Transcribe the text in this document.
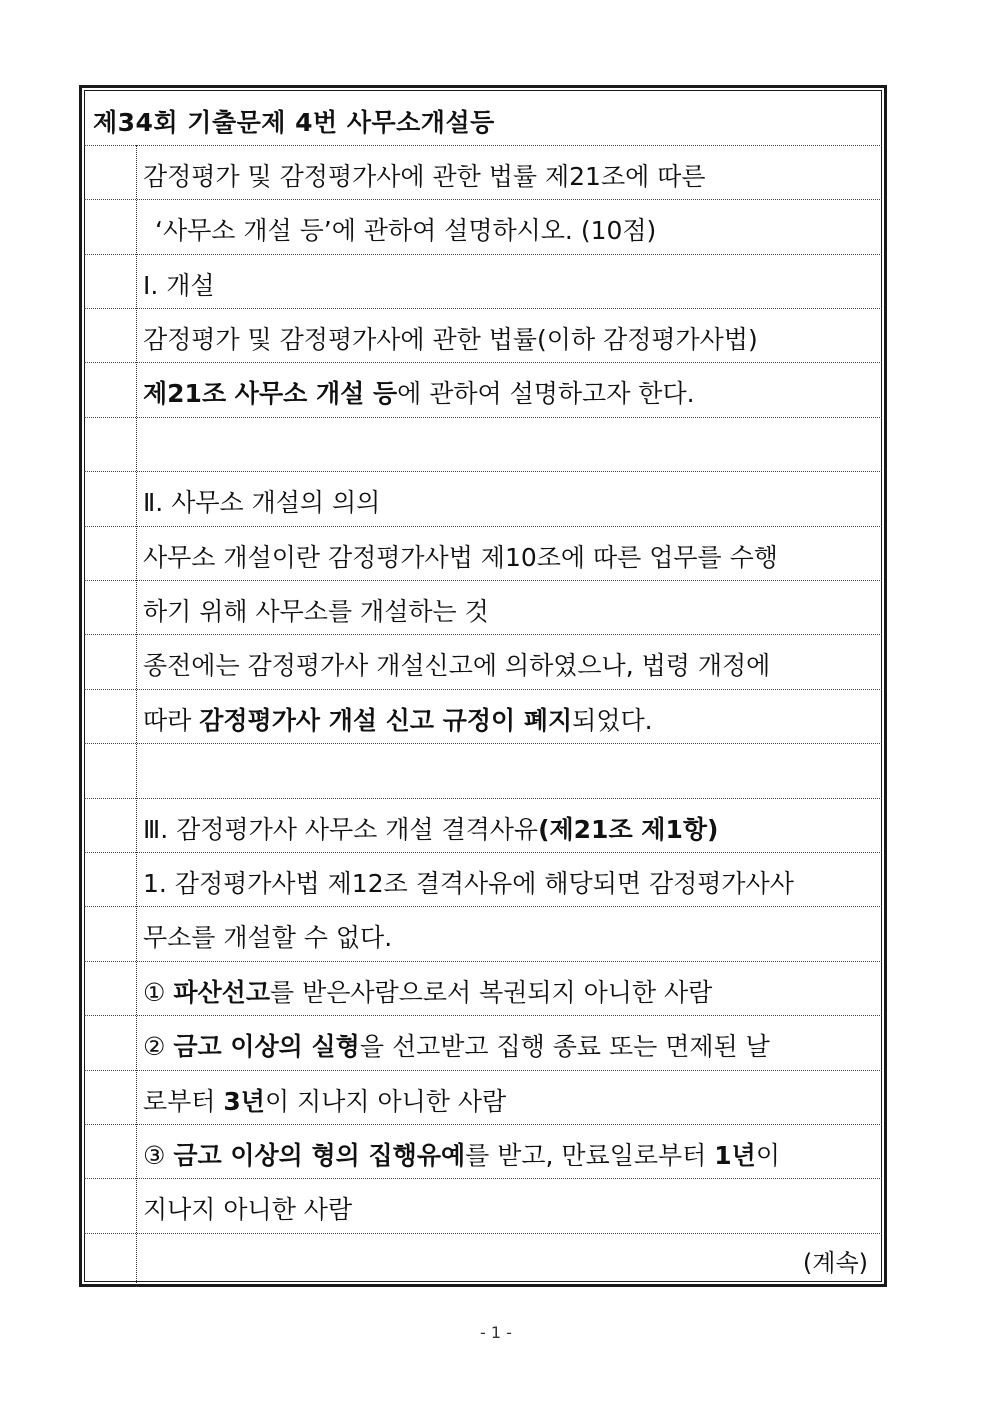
제34회 기출문제 4번 사무소개설등
감정평가 및 감정평가사에 관한 법률 제21조에 따른
‘사무소 개설 등’에 관하여 설명하시오. (10점)
Ⅰ. 개설
감정평가 및 감정평가사에 관한 법률(이하 감정평가사법)
제21조 사무소 개설 등에 관하여 설명하고자 한다.
Ⅱ. 사무소 개설의 의의
사무소 개설이란 감정평가사법 제10조에 따른 업무를 수행
하기 위해 사무소를 개설하는 것
종전에는 감정평가사 개설신고에 의하였으나, 법령 개정에
따라 감정평가사 개설 신고 규정이 폐지되었다.
Ⅲ. 감정평가사 사무소 개설 결격사유(제21조 제1항)
1. 감정평가사법 제12조 결격사유에 해당되면 감정평가사사
무소를 개설할 수 없다.
① 파산선고를 받은사람으로서 복권되지 아니한 사람
② 금고 이상의 실형을 선고받고 집행 종료 또는 면제된 날
로부터 3년이 지나지 아니한 사람
③ 금고 이상의 형의 집행유예를 받고, 만료일로부터 1년이
지나지 아니한 사람
(계속)
- 1 -
